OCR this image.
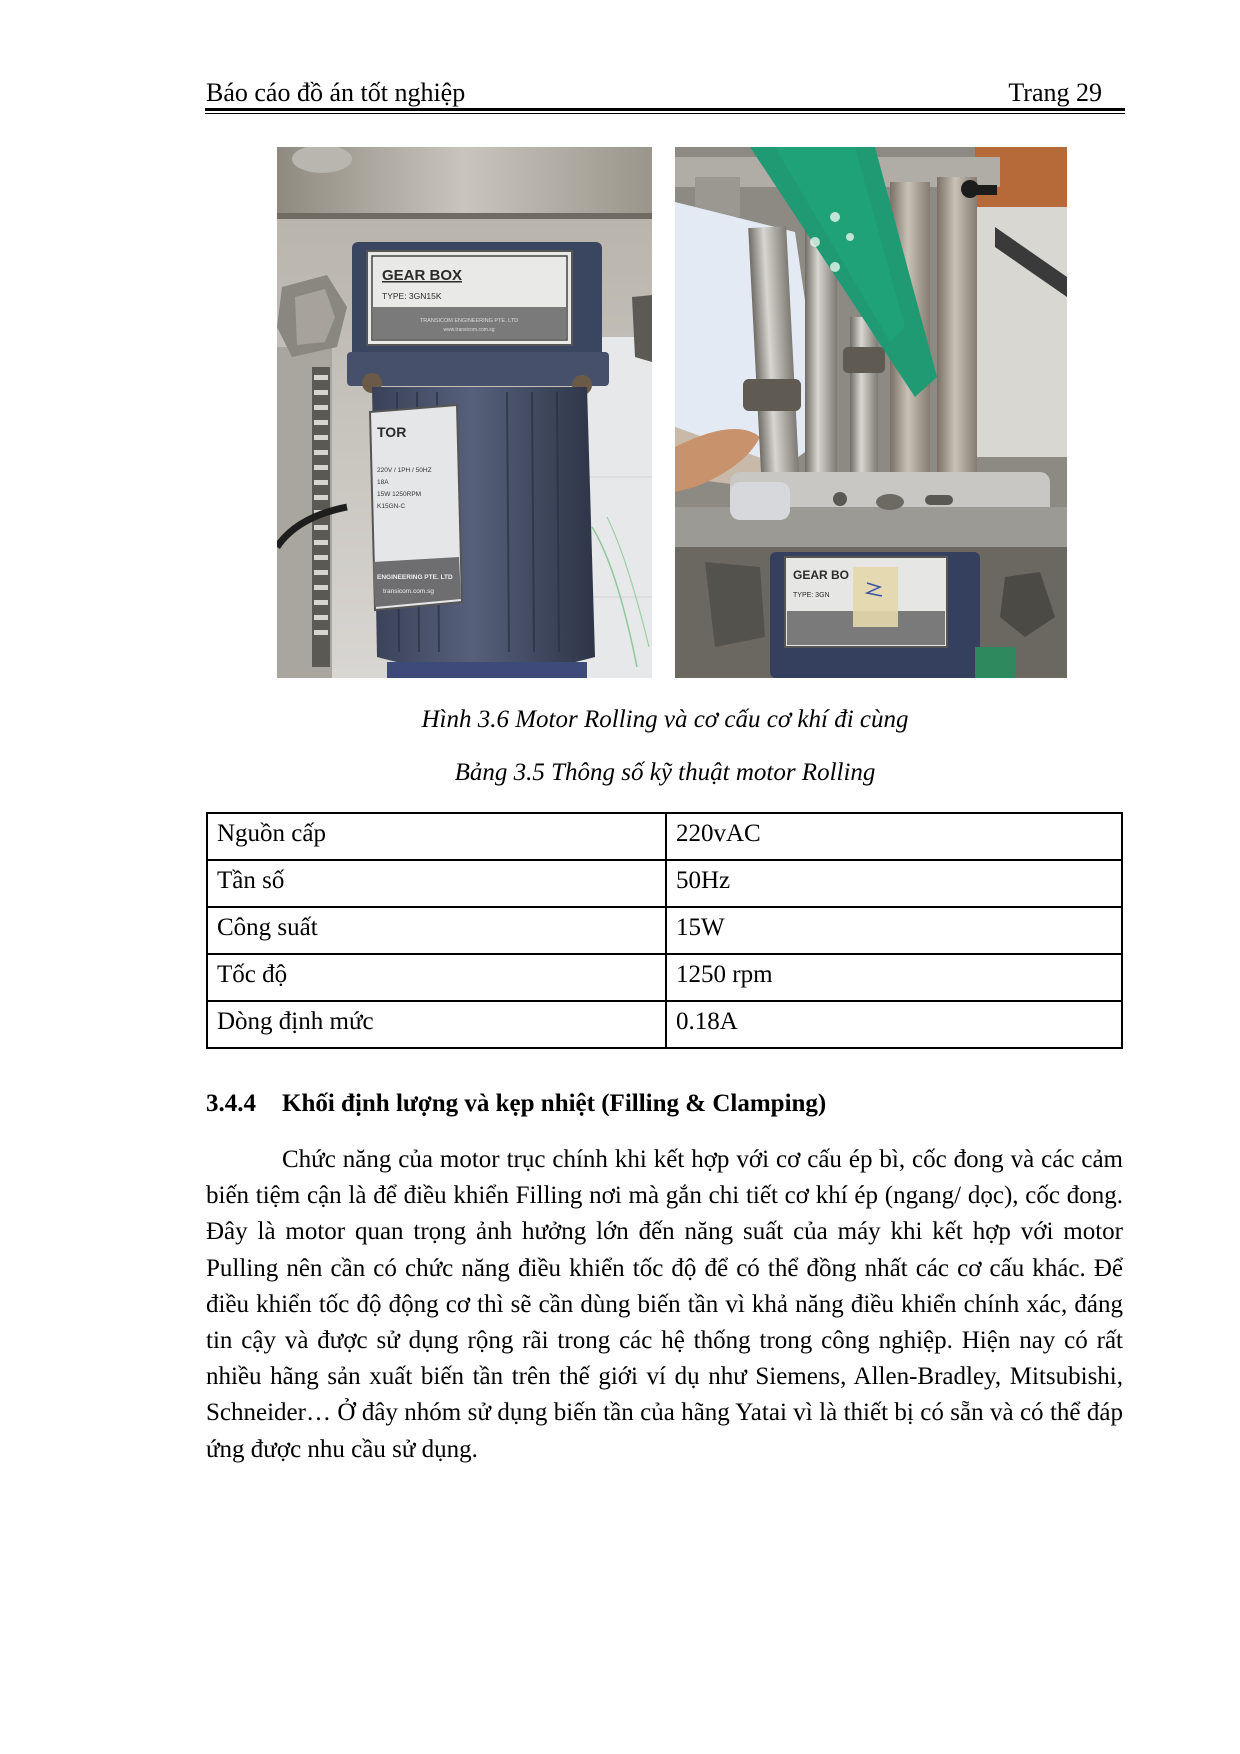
Báo cáo đồ án tốt nghiệp	Trang 29
GEAR BOX
TYPE: 3GN15K
TRANSICOM ENGINEERING PTE. LTD
www.transicom.com.sg
TOR
220V / 1PH / 50HZ
18A
15W 1250RPM
K15GN-C
ENGINEERING PTE. LTD
transicom.com.sg
GEAR BO
TYPE: 3GN
Hình 3.6 Motor Rolling và cơ cấu cơ khí đi cùng
Bảng 3.5 Thông số kỹ thuật motor Rolling
Nguồn cấp	220vAC
Tần số	50Hz
Công suất	15W
Tốc độ	1250 rpm
Dòng định mức	0.18A
3.4.4 Khối định lượng và kẹp nhiệt (Filling & Clamping)
Chức năng của motor trục chính khi kết hợp với cơ cấu ép bì, cốc đong và các cảm biến tiệm cận là để điều khiển Filling nơi mà gắn chi tiết cơ khí ép (ngang/ dọc), cốc đong. Đây là motor quan trọng ảnh hưởng lớn đến năng suất của máy khi kết hợp với motor Pulling nên cần có chức năng điều khiển tốc độ để có thể đồng nhất các cơ cấu khác. Để điều khiển tốc độ động cơ thì sẽ cần dùng biến tần vì khả năng điều khiển chính xác, đáng tin cậy và được sử dụng rộng rãi trong các hệ thống trong công nghiệp. Hiện nay có rất nhiều hãng sản xuất biến tần trên thế giới ví dụ như Siemens, Allen-Bradley, Mitsubishi, Schneider… Ở đây nhóm sử dụng biến tần của hãng Yatai vì là thiết bị có sẵn và có thể đáp ứng được nhu cầu sử dụng.
